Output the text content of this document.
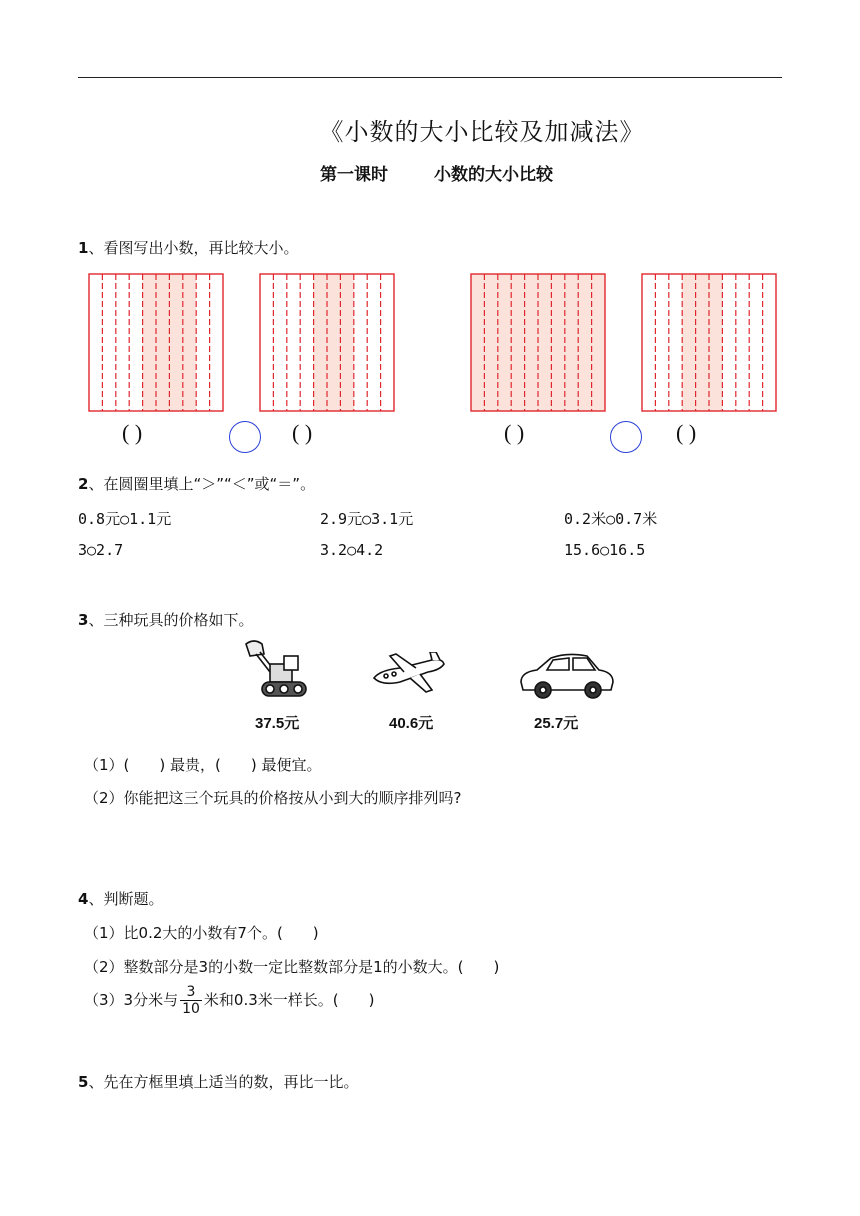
《小数的大小比较及加减法》
第一课时	小数的大小比较
1、看图写出小数，再比较大小。
( )	( )	( )	( )
2、在圆圈里填上“＞”“＜”或“＝”。
0.8元○1.1元	2.9元○3.1元	0.2米○0.7米
3○2.7	3.2○4.2	15.6○16.5
3、三种玩具的价格如下。
37.5元	40.6元	25.7元
（1）(　　) 最贵，(　　) 最便宜。
（2）你能把这三个玩具的价格按从小到大的顺序排列吗?
4、判断题。
（1）比0.2大的小数有7个。(　　)
（2）整数部分是3的小数一定比整数部分是1的小数大。(　　)
（3）3分米与 $\frac{3}{10}$ 米和0.3米一样长。(　　)
5、先在方框里填上适当的数，再比一比。
